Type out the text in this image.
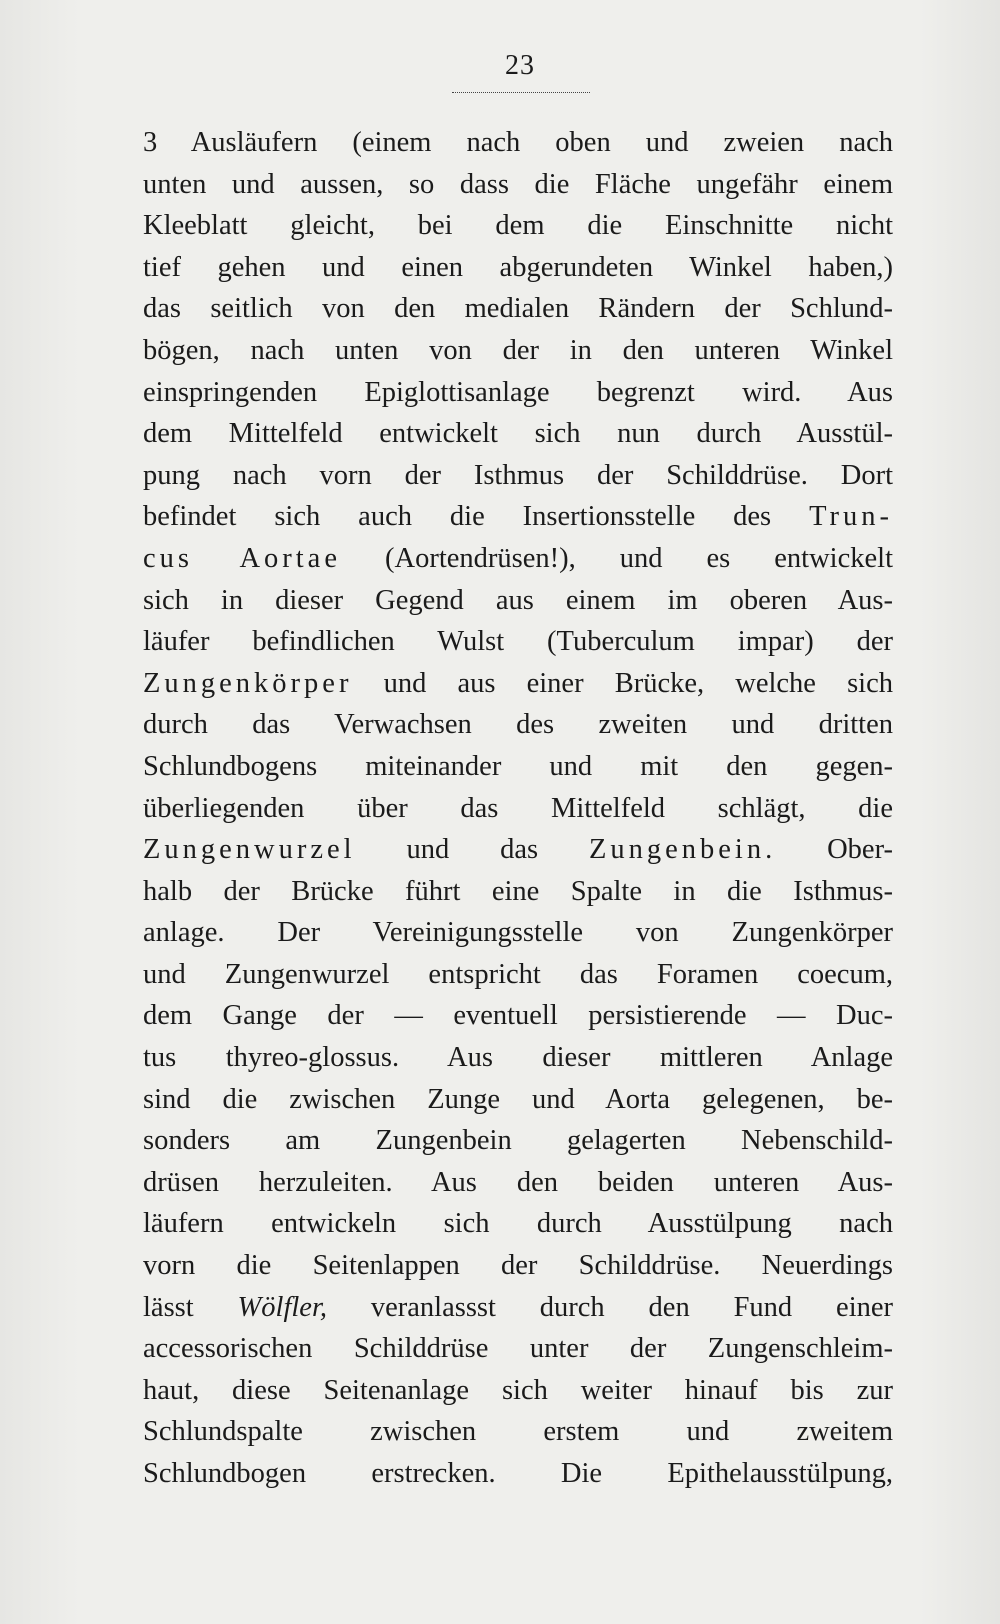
23
3 Ausläufern (einem nach oben und zweien nach
unten und aussen, so dass die Fläche ungefähr einem
Kleeblatt gleicht, bei dem die Einschnitte nicht
tief gehen und einen abgerundeten Winkel haben,)
das seitlich von den medialen Rändern der Schlund-
bögen, nach unten von der in den unteren Winkel
einspringenden Epiglottisanlage begrenzt wird. Aus
dem Mittelfeld entwickelt sich nun durch Ausstül-
pung nach vorn der Isthmus der Schilddrüse. Dort
befindet sich auch die Insertionsstelle des Trun-
cus Aortae (Aortendrüsen!), und es entwickelt
sich in dieser Gegend aus einem im oberen Aus-
läufer befindlichen Wulst (Tuberculum impar) der
Zungenkörper und aus einer Brücke, welche sich
durch das Verwachsen des zweiten und dritten
Schlundbogens miteinander und mit den gegen-
überliegenden über das Mittelfeld schlägt, die
Zungenwurzel und das Zungenbein. Ober-
halb der Brücke führt eine Spalte in die Isthmus-
anlage. Der Vereinigungsstelle von Zungenkörper
und Zungenwurzel entspricht das Foramen coecum,
dem Gange der — eventuell persistierende — Duc-
tus thyreo-glossus. Aus dieser mittleren Anlage
sind die zwischen Zunge und Aorta gelegenen, be-
sonders am Zungenbein gelagerten Nebenschild-
drüsen herzuleiten. Aus den beiden unteren Aus-
läufern entwickeln sich durch Ausstülpung nach
vorn die Seitenlappen der Schilddrüse. Neuerdings
lässt Wölfler, veranlassst durch den Fund einer
accessorischen Schilddrüse unter der Zungenschleim-
haut, diese Seitenanlage sich weiter hinauf bis zur
Schlundspalte zwischen erstem und zweitem
Schlundbogen erstrecken. Die Epithelausstülpung,
